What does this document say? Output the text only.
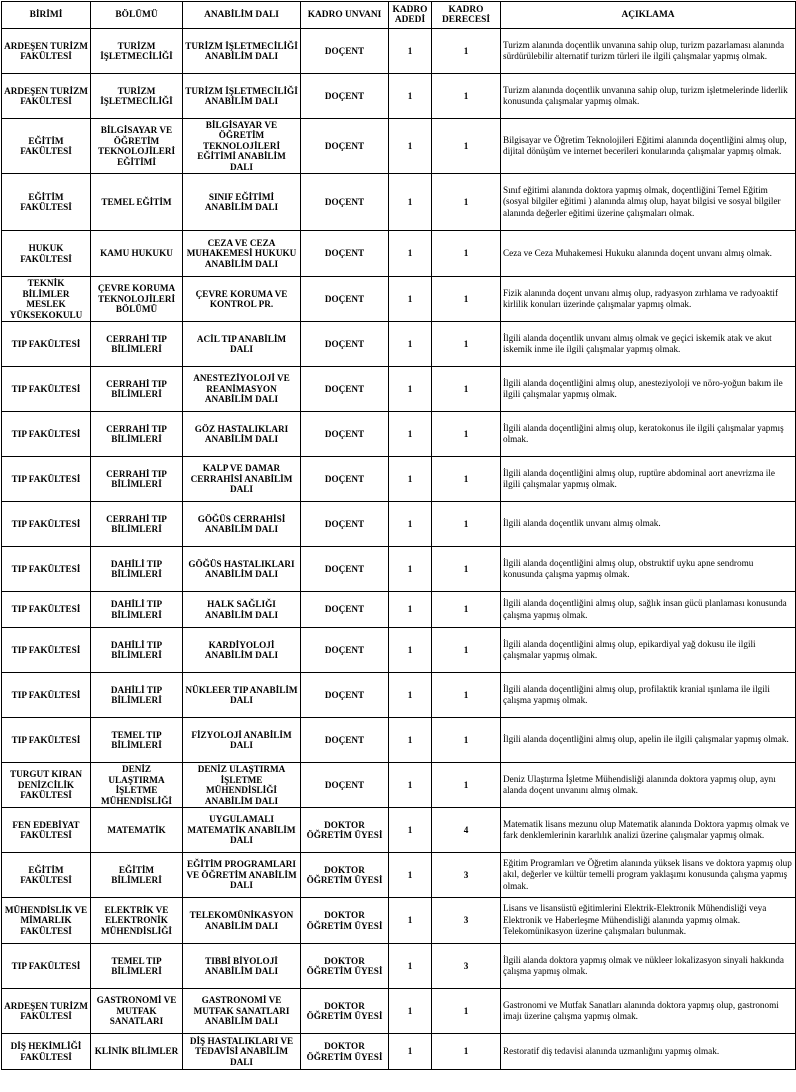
BİRİMİ	BÖLÜMÜ	ANABİLİM DALI	KADRO UNVANI	KADRO ADEDİ	KADRO DERECESİ	AÇIKLAMA
ARDEŞEN TURİZM FAKÜLTESİ	TURİZM İŞLETMECİLİĞİ	TURİZM İŞLETMECİLİĞİ ANABİLİM DALI	DOÇENT	1	1	Turizm alanında doçentlik unvanına sahip olup, turizm pazarlaması alanında sürdürülebilir alternatif turizm türleri ile ilgili çalışmalar yapmış olmak.
ARDEŞEN TURİZM FAKÜLTESİ	TURİZM İŞLETMECİLİĞİ	TURİZM İŞLETMECİLİĞİ ANABİLİM DALI	DOÇENT	1	1	Turizm alanında doçentlik unvanına sahip olup, turizm işletmelerinde liderlik konusunda çalışmalar yapmış olmak.
EĞİTİM FAKÜLTESİ	BİLGİSAYAR VE ÖĞRETİM TEKNOLOJİLERİ EĞİTİMİ	BİLGİSAYAR VE ÖĞRETİM TEKNOLOJİLERİ EĞİTİMİ ANABİLİM DALI	DOÇENT	1	1	Bilgisayar ve Öğretim Teknolojileri Eğitimi alanında doçentliğini almış olup, dijital dönüşüm ve internet becerileri konularında çalışmalar yapmış olmak.
EĞİTİM FAKÜLTESİ	TEMEL EĞİTİM	SINIF EĞİTİMİ ANABİLİM DALI	DOÇENT	1	1	Sınıf eğitimi alanında doktora yapmış olmak, doçentliğini Temel Eğitim (sosyal bilgiler eğitimi ) alanında almış olup, hayat bilgisi ve sosyal bilgiler alanında değerler eğitimi üzerine çalışmaları olmak.
HUKUK FAKÜLTESİ	KAMU HUKUKU	CEZA VE CEZA MUHAKEMESİ HUKUKU ANABİLİM DALI	DOÇENT	1	1	Ceza ve Ceza Muhakemesi Hukuku alanında doçent unvanı almış olmak.
TEKNİK BİLİMLER MESLEK YÜKSEKOKULU	ÇEVRE KORUMA TEKNOLOJİLERİ BÖLÜMÜ	ÇEVRE KORUMA VE KONTROL PR.	DOÇENT	1	1	Fizik alanında doçent unvanı almış olup, radyasyon zırhlama ve radyoaktif kirlilik konuları üzerinde çalışmalar yapmış olmak.
TIP FAKÜLTESİ	CERRAHİ TIP BİLİMLERİ	ACİL TIP ANABİLİM DALI	DOÇENT	1	1	İlgili alanda doçentlik unvanı almış olmak ve geçici iskemik atak ve akut iskemik inme ile ilgili çalışmalar yapmış olmak.
TIP FAKÜLTESİ	CERRAHİ TIP BİLİMLERİ	ANESTEZİYOLOJİ VE REANİMASYON ANABİLİM DALI	DOÇENT	1	1	İlgili alanda doçentliğini almış olup, anesteziyoloji ve nöro-yoğun bakım ile ilgili çalışmalar yapmış olmak.
TIP FAKÜLTESİ	CERRAHİ TIP BİLİMLERİ	GÖZ HASTALIKLARI ANABİLİM DALI	DOÇENT	1	1	İlgili alanda doçentliğini almış olup, keratokonus ile ilgili çalışmalar yapmış olmak.
TIP FAKÜLTESİ	CERRAHİ TIP BİLİMLERİ	KALP VE DAMAR CERRAHİSİ ANABİLİM DALI	DOÇENT	1	1	İlgili alanda doçentliğini almış olup, ruptüre abdominal aort anevrizma ile ilgili çalışmalar yapmış olmak.
TIP FAKÜLTESİ	CERRAHİ TIP BİLİMLERİ	GÖĞÜS CERRAHİSİ ANABİLİM DALI	DOÇENT	1	1	İlgili alanda doçentlik unvanı almış olmak.
TIP FAKÜLTESİ	DAHİLİ TIP BİLİMLERİ	GÖĞÜS HASTALIKLARI ANABİLİM DALI	DOÇENT	1	1	İlgili alanda doçentliğini almış olup, obstruktif uyku apne sendromu konusunda çalışma yapmış olmak.
TIP FAKÜLTESİ	DAHİLİ TIP BİLİMLERİ	HALK SAĞLIĞI ANABİLİM DALI	DOÇENT	1	1	İlgili alanda doçentliğini almış olup, sağlık insan gücü planlaması konusunda çalışma yapmış olmak.
TIP FAKÜLTESİ	DAHİLİ TIP BİLİMLERİ	KARDİYOLOJİ ANABİLİM DALI	DOÇENT	1	1	İlgili alanda doçentliğini almış olup, epikardiyal yağ dokusu ile ilgili çalışmalar yapmış olmak.
TIP FAKÜLTESİ	DAHİLİ TIP BİLİMLERİ	NÜKLEER TIP ANABİLİM DALI	DOÇENT	1	1	İlgili alanda doçentliğini almış olup, profilaktik kranial ışınlama ile ilgili çalışma yapmış olmak.
TIP FAKÜLTESİ	TEMEL TIP BİLİMLERİ	FİZYOLOJİ ANABİLİM DALI	DOÇENT	1	1	İlgili alanda doçentliğini almış olup, apelin ile ilgili çalışmalar yapmış olmak.
TURGUT KIRAN DENİZCİLİK FAKÜLTESİ	DENİZ ULAŞTIRMA İŞLETME MÜHENDİSLİĞİ	DENİZ ULAŞTIRMA İŞLETME MÜHENDİSLİĞİ ANABİLİM DALI	DOÇENT	1	1	Deniz Ulaştırma İşletme Mühendisliği alanında doktora yapmış olup, aynı alanda doçent unvanını almış olmak.
FEN EDEBİYAT FAKÜLTESİ	MATEMATİK	UYGULAMALI MATEMATİK ANABİLİM DALI	DOKTOR ÖĞRETİM ÜYESİ	1	4	Matematik lisans mezunu olup Matematik alanında Doktora yapmış olmak ve fark denklemlerinin kararlılık analizi üzerine çalışmalar yapmış olmak.
EĞİTİM FAKÜLTESİ	EĞİTİM BİLİMLERİ	EĞİTİM PROGRAMLARI VE ÖĞRETİM ANABİLİM DALI	DOKTOR ÖĞRETİM ÜYESİ	1	3	Eğitim Programları ve Öğretim alanında yüksek lisans ve doktora yapmış olup akıl, değerler ve kültür temelli program yaklaşımı konusunda çalışma yapmış olmak.
MÜHENDİSLİK VE MİMARLIK FAKÜLTESİ	ELEKTRİK VE ELEKTRONİK MÜHENDİSLİĞİ	TELEKOMÜNİKASYON ANABİLİM DALI	DOKTOR ÖĞRETİM ÜYESİ	1	3	Lisans ve lisansüstü eğitimlerini Elektrik-Elektronik Mühendisliği veya Elektronik ve Haberleşme Mühendisliği alanında yapmış olmak. Telekomünikasyon üzerine çalışmaları bulunmak.
TIP FAKÜLTESİ	TEMEL TIP BİLİMLERİ	TIBBİ BİYOLOJİ ANABİLİM DALI	DOKTOR ÖĞRETİM ÜYESİ	1	3	İlgili alanda doktora yapmış olmak ve nükleer lokalizasyon sinyali hakkında çalışma yapmış olmak.
ARDEŞEN TURİZM FAKÜLTESİ	GASTRONOMİ VE MUTFAK SANATLARI	GASTRONOMİ VE MUTFAK SANATLARI ANABİLİM DALI	DOKTOR ÖĞRETİM ÜYESİ	1	1	Gastronomi ve Mutfak Sanatları alanında doktora yapmış olup, gastronomi imajı üzerine çalışma yapmış olmak.
DİŞ HEKİMLİĞİ FAKÜLTESİ	KLİNİK BİLİMLER	DİŞ HASTALIKLARI VE TEDAVİSİ ANABİLİM DALI	DOKTOR ÖĞRETİM ÜYESİ	1	1	Restoratif diş tedavisi alanında uzmanlığını yapmış olmak.
